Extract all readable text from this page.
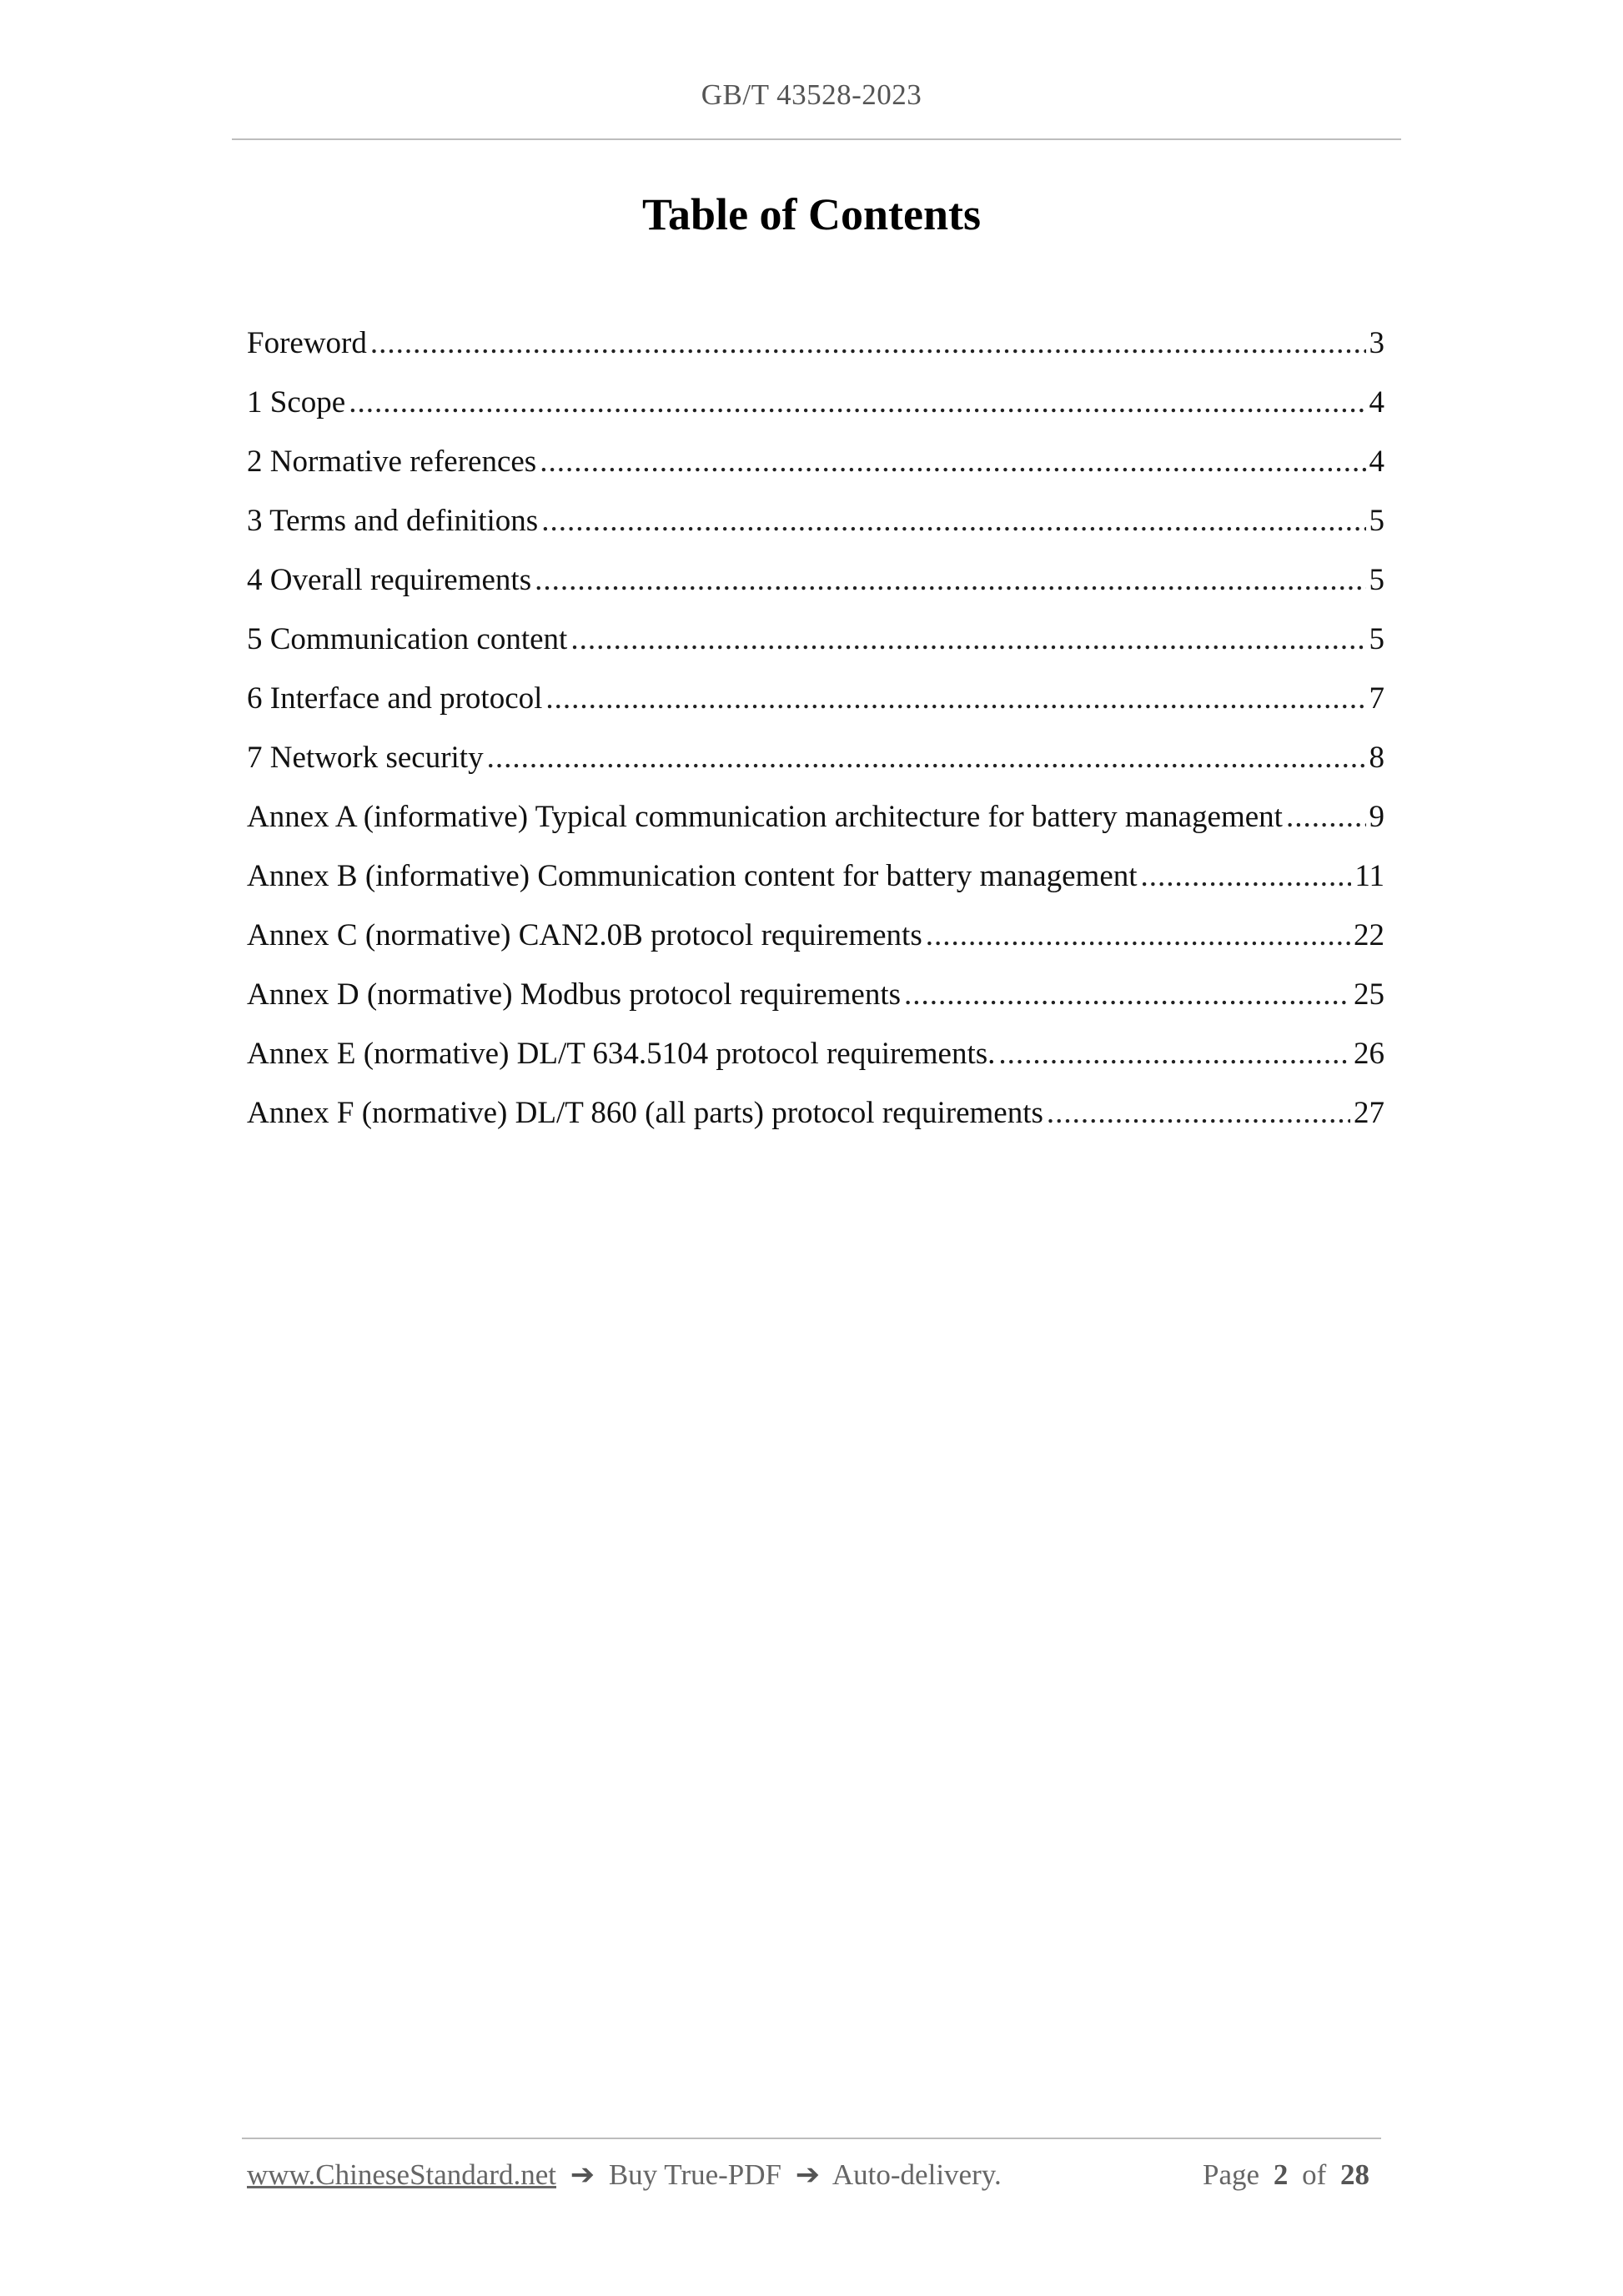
GB/T 43528-2023
Table of Contents
Foreword .....	3
1 Scope .....	4
2 Normative references .....	4
3 Terms and definitions .....	5
4 Overall requirements .....	5
5 Communication content .....	5
6 Interface and protocol .....	7
7 Network security .....	8
Annex A (informative) Typical communication architecture for battery management .....	9
Annex B (informative) Communication content for battery management .....	11
Annex C (normative) CAN2.0B protocol requirements .....	22
Annex D (normative) Modbus protocol requirements .....	25
Annex E (normative) DL/T 634.5104 protocol requirements. .....	26
Annex F (normative) DL/T 860 (all parts) protocol requirements .....	27
www.ChineseStandard.net ➔ Buy True-PDF ➔ Auto-delivery.	Page 2 of 28
